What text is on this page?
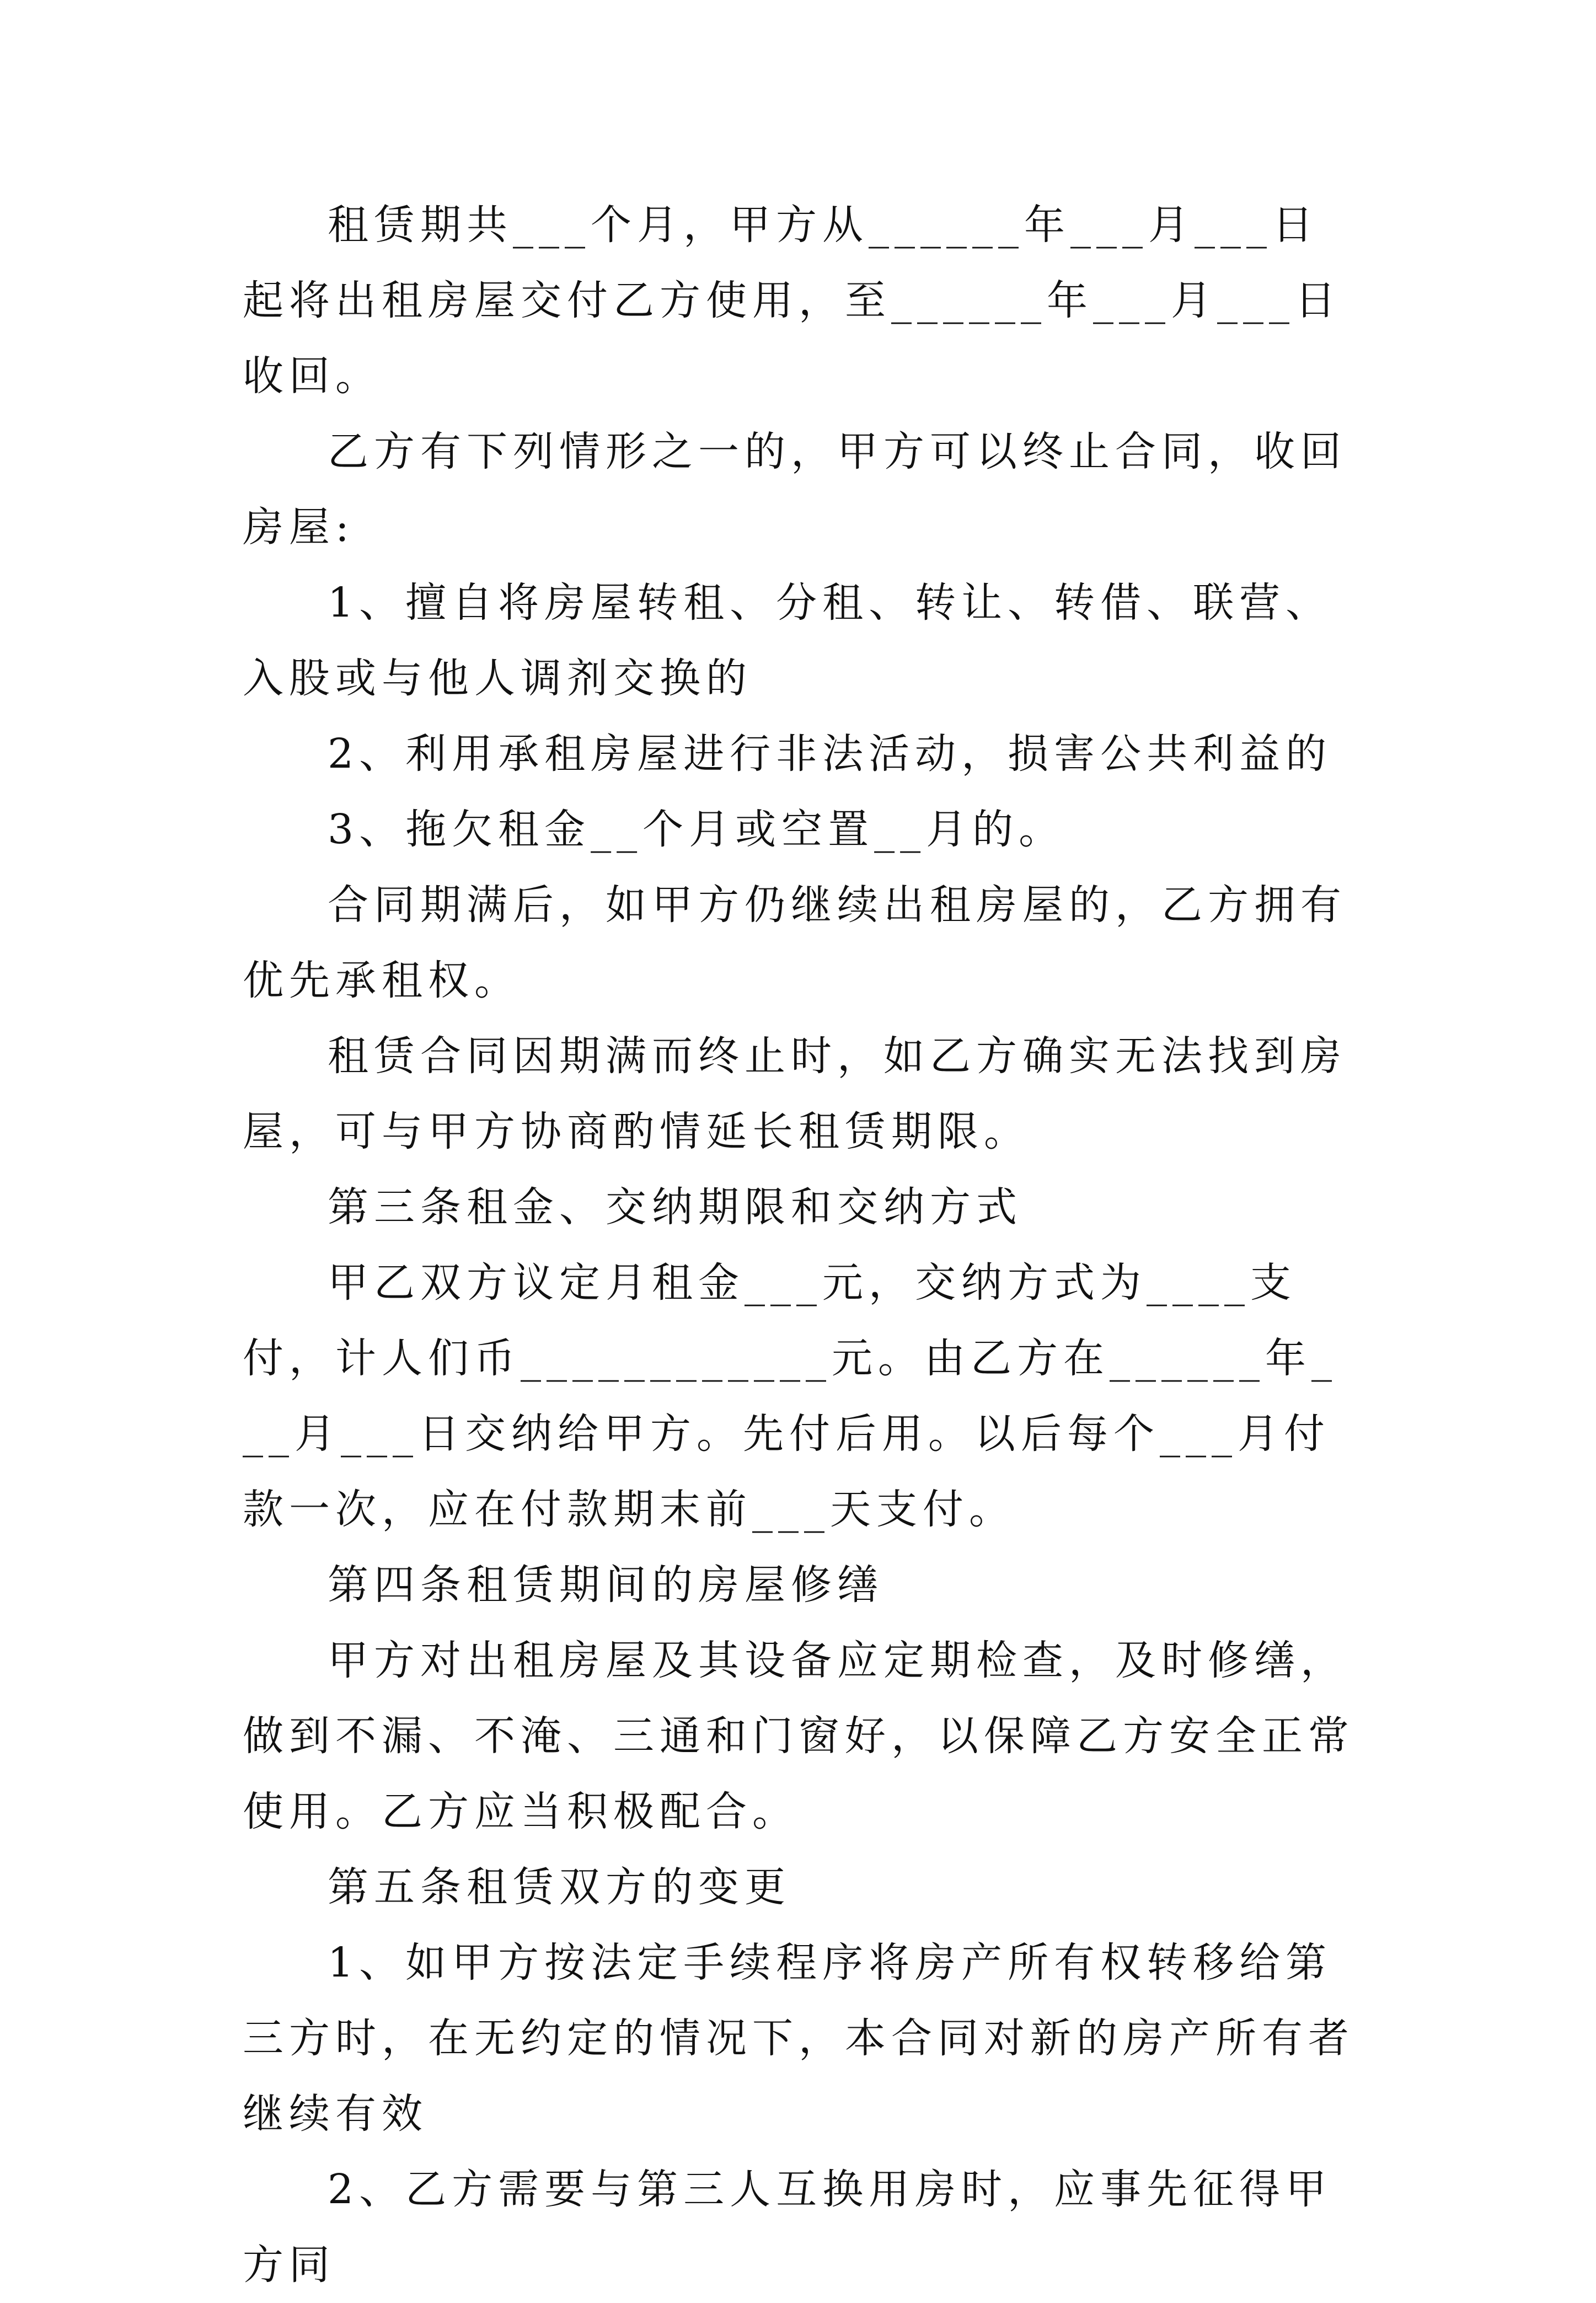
租赁期共___个月，甲方从______年___月___日起将出租房屋交付乙方使用，至______年___月___日收回。

乙方有下列情形之一的，甲方可以终止合同，收回房屋:

1、擅自将房屋转租、分租、转让、转借、联营、入股或与他人调剂交换的

2、利用承租房屋进行非法活动，损害公共利益的

3、拖欠租金__个月或空置__月的。

合同期满后，如甲方仍继续出租房屋的，乙方拥有优先承租权。

租赁合同因期满而终止时，如乙方确实无法找到房屋，可与甲方协商酌情延长租赁期限。

第三条租金、交纳期限和交纳方式

甲乙双方议定月租金___元，交纳方式为____支付，计人们币____________元。由乙方在______年___月___日交纳给甲方。先付后用。以后每个___月付款一次，应在付款期末前___天支付。

第四条租赁期间的房屋修缮

甲方对出租房屋及其设备应定期检查，及时修缮，做到不漏、不淹、三通和门窗好，以保障乙方安全正常使用。乙方应当积极配合。

第五条租赁双方的变更

1、如甲方按法定手续程序将房产所有权转移给第三方时，在无约定的情况下，本合同对新的房产所有者继续有效

2、乙方需要与第三人互换用房时，应事先征得甲方同
